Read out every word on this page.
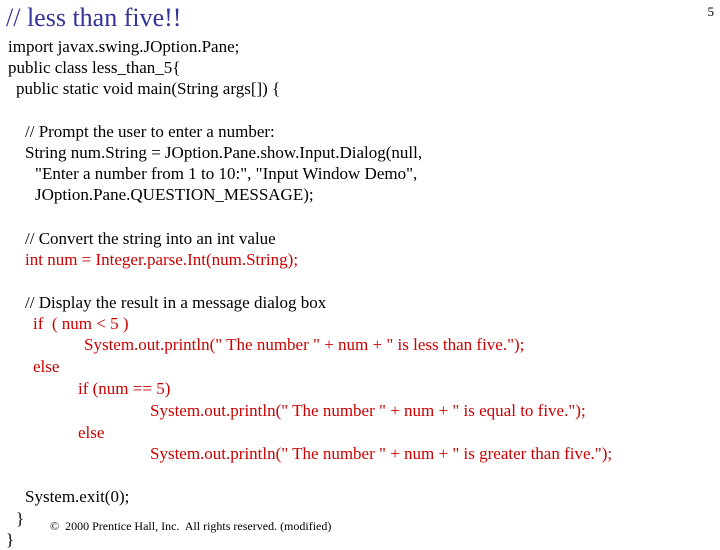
// less than five!!	5
import javax.swing.JOption.Pane;
public class less_than_5{
public static void main(String args[]) {
// Prompt the user to enter a number:
String num.String = JOption.Pane.show.Input.Dialog(null,
"Enter a number from 1 to 10:", "Input Window Demo",
JOption.Pane.QUESTION_MESSAGE);
// Convert the string into an int value
int num = Integer.parse.Int(num.String);
// Display the result in a message dialog box
if  ( num < 5 )
System.out.println(" The number " + num + " is less than five.");
else
if (num == 5)
System.out.println(" The number " + num + " is equal to five.");
else
System.out.println(" The number " + num + " is greater than five.");
System.exit(0);
}
}
©  2000 Prentice Hall, Inc.  All rights reserved. (modified)
